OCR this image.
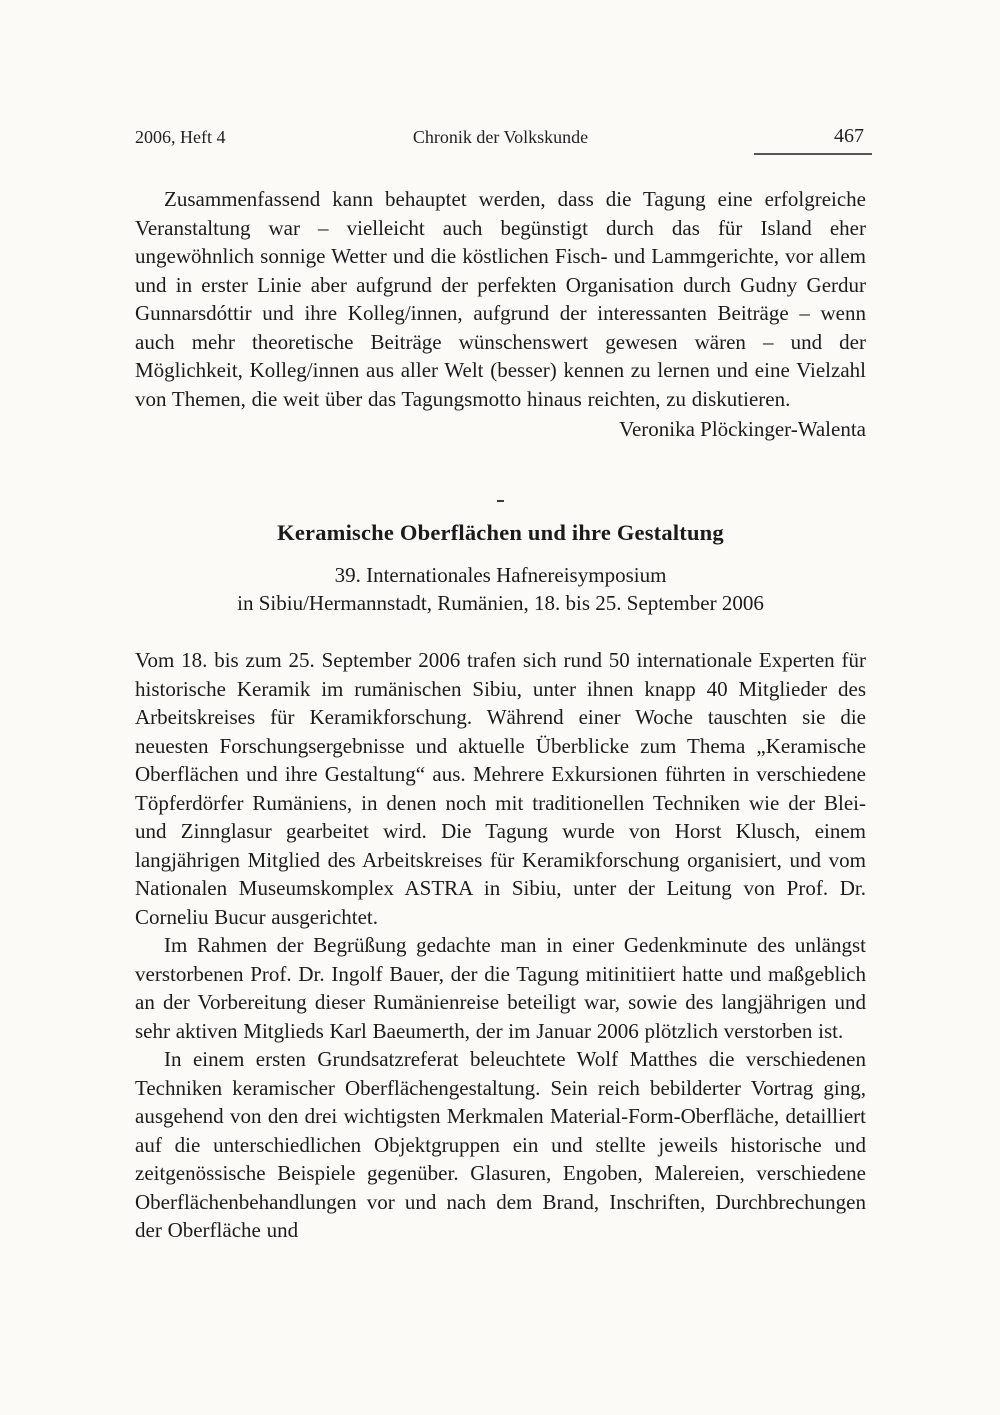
2006, Heft 4	Chronik der Volkskunde	467

Zusammenfassend kann behauptet werden, dass die Tagung eine erfolgreiche Veranstaltung war – vielleicht auch begünstigt durch das für Island eher ungewöhnlich sonnige Wetter und die köstlichen Fisch- und Lammgerichte, vor allem und in erster Linie aber aufgrund der perfekten Organisation durch Gudny Gerdur Gunnarsdóttir und ihre Kolleg/innen, aufgrund der interessanten Beiträge – wenn auch mehr theoretische Beiträge wünschenswert gewesen wären – und der Möglichkeit, Kolleg/innen aus aller Welt (besser) kennen zu lernen und eine Vielzahl von Themen, die weit über das Tagungsmotto hinaus reichten, zu diskutieren.

Veronika Plöckinger-Walenta
Keramische Oberflächen und ihre Gestaltung
39. Internationales Hafnereisymposium
in Sibiu/Hermannstadt, Rumänien, 18. bis 25. September 2006

Vom 18. bis zum 25. September 2006 trafen sich rund 50 internationale Experten für historische Keramik im rumänischen Sibiu, unter ihnen knapp 40 Mitglieder des Arbeitskreises für Keramikforschung. Während einer Woche tauschten sie die neuesten Forschungsergebnisse und aktuelle Überblicke zum Thema „Keramische Oberflächen und ihre Gestaltung“ aus. Mehrere Exkursionen führten in verschiedene Töpferdörfer Rumäniens, in denen noch mit traditionellen Techniken wie der Blei- und Zinnglasur gearbeitet wird. Die Tagung wurde von Horst Klusch, einem langjährigen Mitglied des Arbeitskreises für Keramikforschung organisiert, und vom Nationalen Museumskomplex ASTRA in Sibiu, unter der Leitung von Prof. Dr. Corneliu Bucur ausgerichtet.

Im Rahmen der Begrüßung gedachte man in einer Gedenkminute des unlängst verstorbenen Prof. Dr. Ingolf Bauer, der die Tagung mitinitiiert hatte und maßgeblich an der Vorbereitung dieser Rumänienreise beteiligt war, sowie des langjährigen und sehr aktiven Mitglieds Karl Baeumerth, der im Januar 2006 plötzlich verstorben ist.

In einem ersten Grundsatzreferat beleuchtete Wolf Matthes die verschiedenen Techniken keramischer Oberflächengestaltung. Sein reich bebilderter Vortrag ging, ausgehend von den drei wichtigsten Merkmalen Material-Form-Oberfläche, detailliert auf die unterschiedlichen Objektgruppen ein und stellte jeweils historische und zeitgenössische Beispiele gegenüber. Glasuren, Engoben, Malereien, verschiedene Oberflächenbehandlungen vor und nach dem Brand, Inschriften, Durchbrechungen der Oberfläche und
